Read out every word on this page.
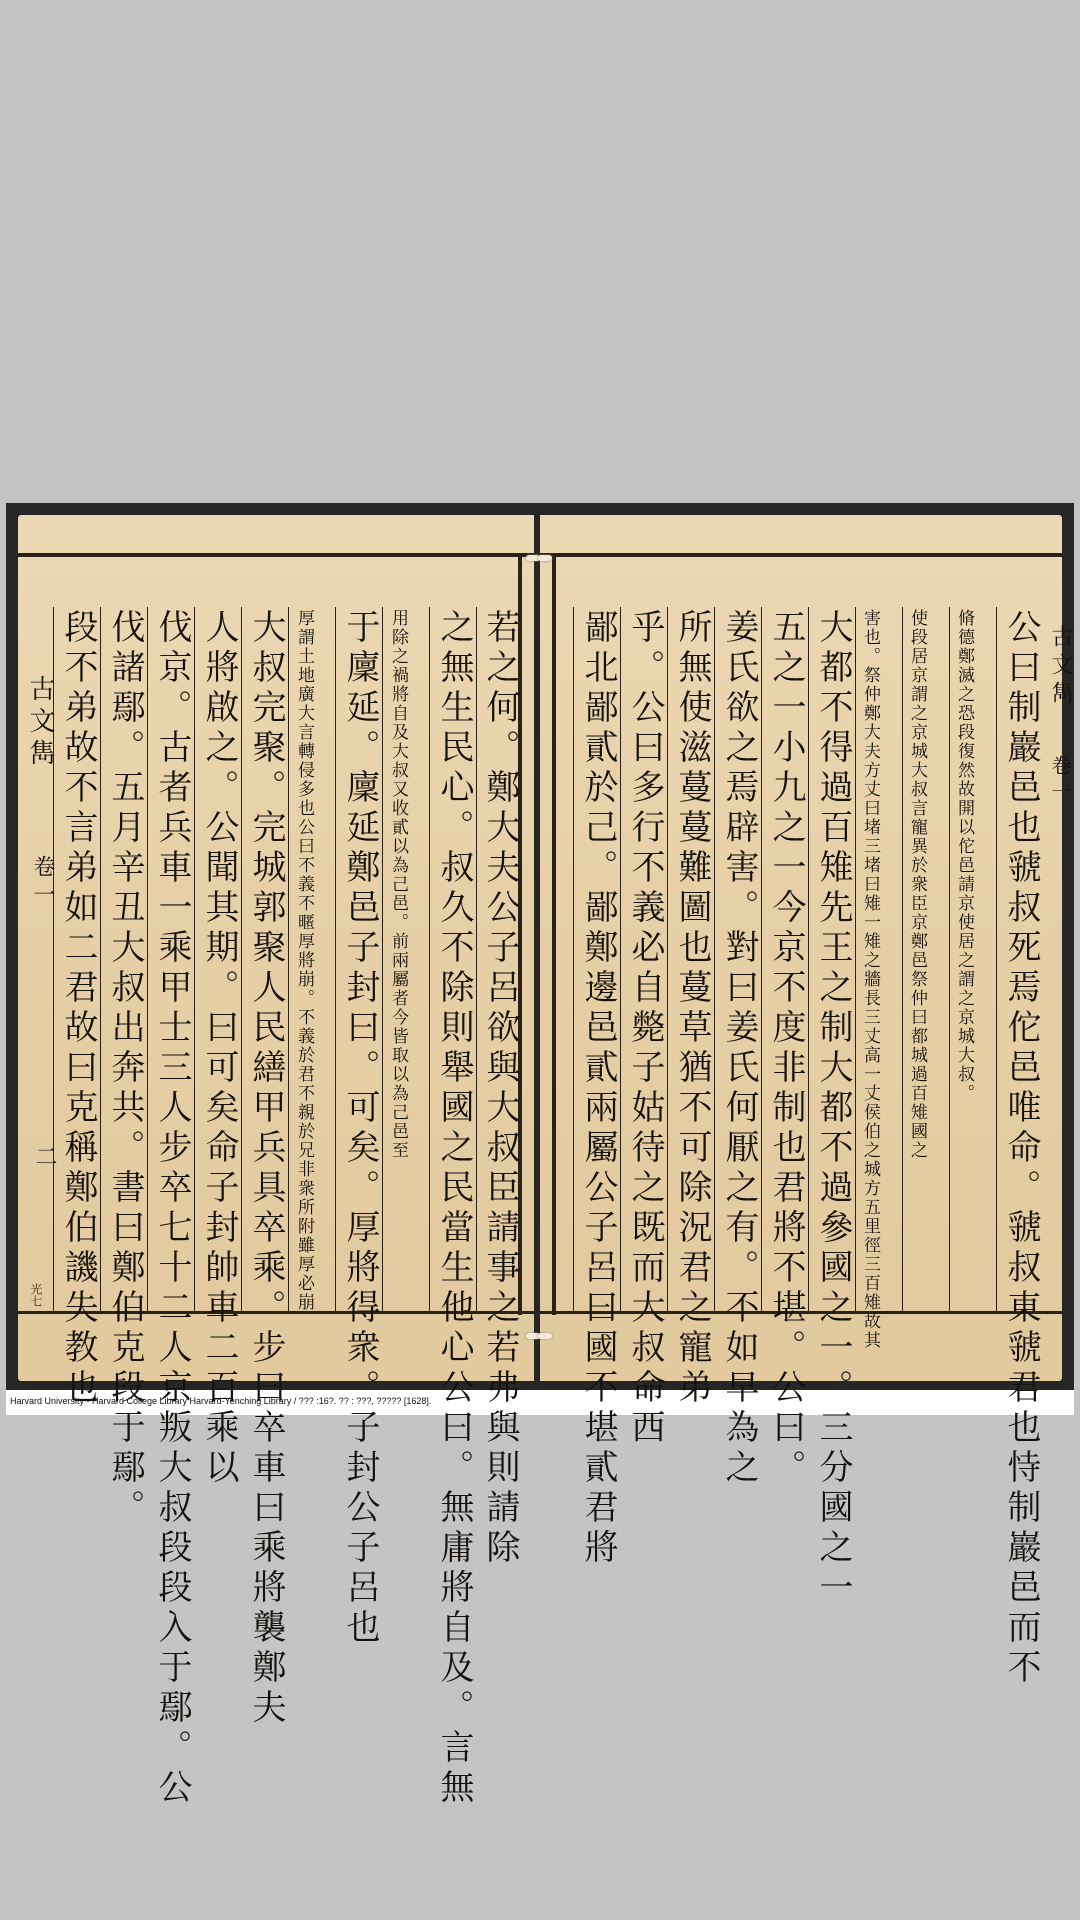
若之何。鄭大夫公子呂欲與大叔臣請事之若弗與則請除
之無生民心。叔久不除則舉國之民當生他心公曰。無庸將自及。言無
用除之禍將自及大叔又收貳以為己邑。前兩屬者今皆取以為己邑至
于廩延。廩延鄭邑子封曰。可矣。厚將得衆。子封公子呂也
厚謂土地廣大言轉侵多也公曰不義不暱厚將崩。不義於君不親於兄非衆所附雖厚必崩
大叔完聚。完城郭聚人民繕甲兵具卒乘。步曰卒車曰乘將襲鄭夫
人將啟之。公聞其期。曰可矣命子封帥車二百乘以
伐京。古者兵車一乘甲士三人步卒七十二人京叛大叔段段入于鄢。公
伐諸鄢。五月辛丑大叔出奔共。書曰鄭伯克段于鄢。
段不弟故不言弟如二君故曰克稱鄭伯譏失教也
古文雋
卷一
二
光七	公曰制巖邑也虢叔死焉佗邑唯命。虢叔東虢君也恃制巖邑而不
脩德鄭滅之恐段復然故開以佗邑請京使居之謂之京城大叔。
使段居京謂之京城大叔言寵異於衆臣京鄭邑祭仲曰都城過百雉國之
害也。祭仲鄭大夫方丈曰堵三堵曰雉一雉之牆長三丈高一丈侯伯之城方五里徑三百雉故其
大都不得過百雉先王之制大都不過參國之一。三分國之一
五之一小九之一今京不度非制也君將不堪。公曰。
姜氏欲之焉辟害。對曰姜氏何厭之有。不如早為之
所無使滋蔓蔓難圖也蔓草猶不可除況君之寵弟
乎。公曰多行不義必自斃子姑待之既而大叔命西
鄙北鄙貳於己。鄙鄭邊邑貳兩屬公子呂曰國不堪貳君將	古文雋
卷一
Harvard University - Harvard College Library Harvard-Yenching Library / ??? :16?. ?? : ???, ????? [1628].
